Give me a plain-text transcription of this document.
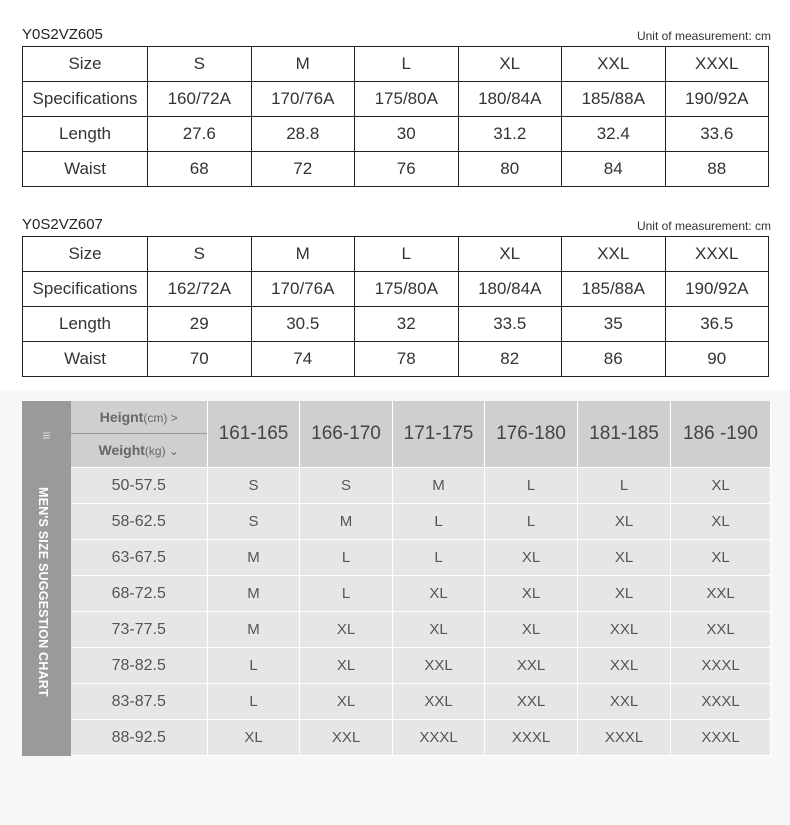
Y0S2VZ605	Unit of measurement: cm
Size	S	M	L	XL	XXL	XXXL
Specifications	160/72A	170/76A	175/80A	180/84A	185/88A	190/92A
Length	27.6	28.8	30	31.2	32.4	33.6
Waist	68	72	76	80	84	88
Y0S2VZ607	Unit of measurement: cm
Size	S	M	L	XL	XXL	XXXL
Specifications	162/72A	170/76A	175/80A	180/84A	185/88A	190/92A
Length	29	30.5	32	33.5	35	36.5
Waist	70	74	78	82	86	90
≡
MEN'S SIZE SUGGESTION CHART
Heignt(cm) >
Weight(kg) ⌄	161-165	166-170	171-175	176-180	181-185	186 -190
50-57.5	S	S	M	L	L	XL
58-62.5	S	M	L	L	XL	XL
63-67.5	M	L	L	XL	XL	XL
68-72.5	M	L	XL	XL	XL	XXL
73-77.5	M	XL	XL	XL	XXL	XXL
78-82.5	L	XL	XXL	XXL	XXL	XXXL
83-87.5	L	XL	XXL	XXL	XXL	XXXL
88-92.5	XL	XXL	XXXL	XXXL	XXXL	XXXL
